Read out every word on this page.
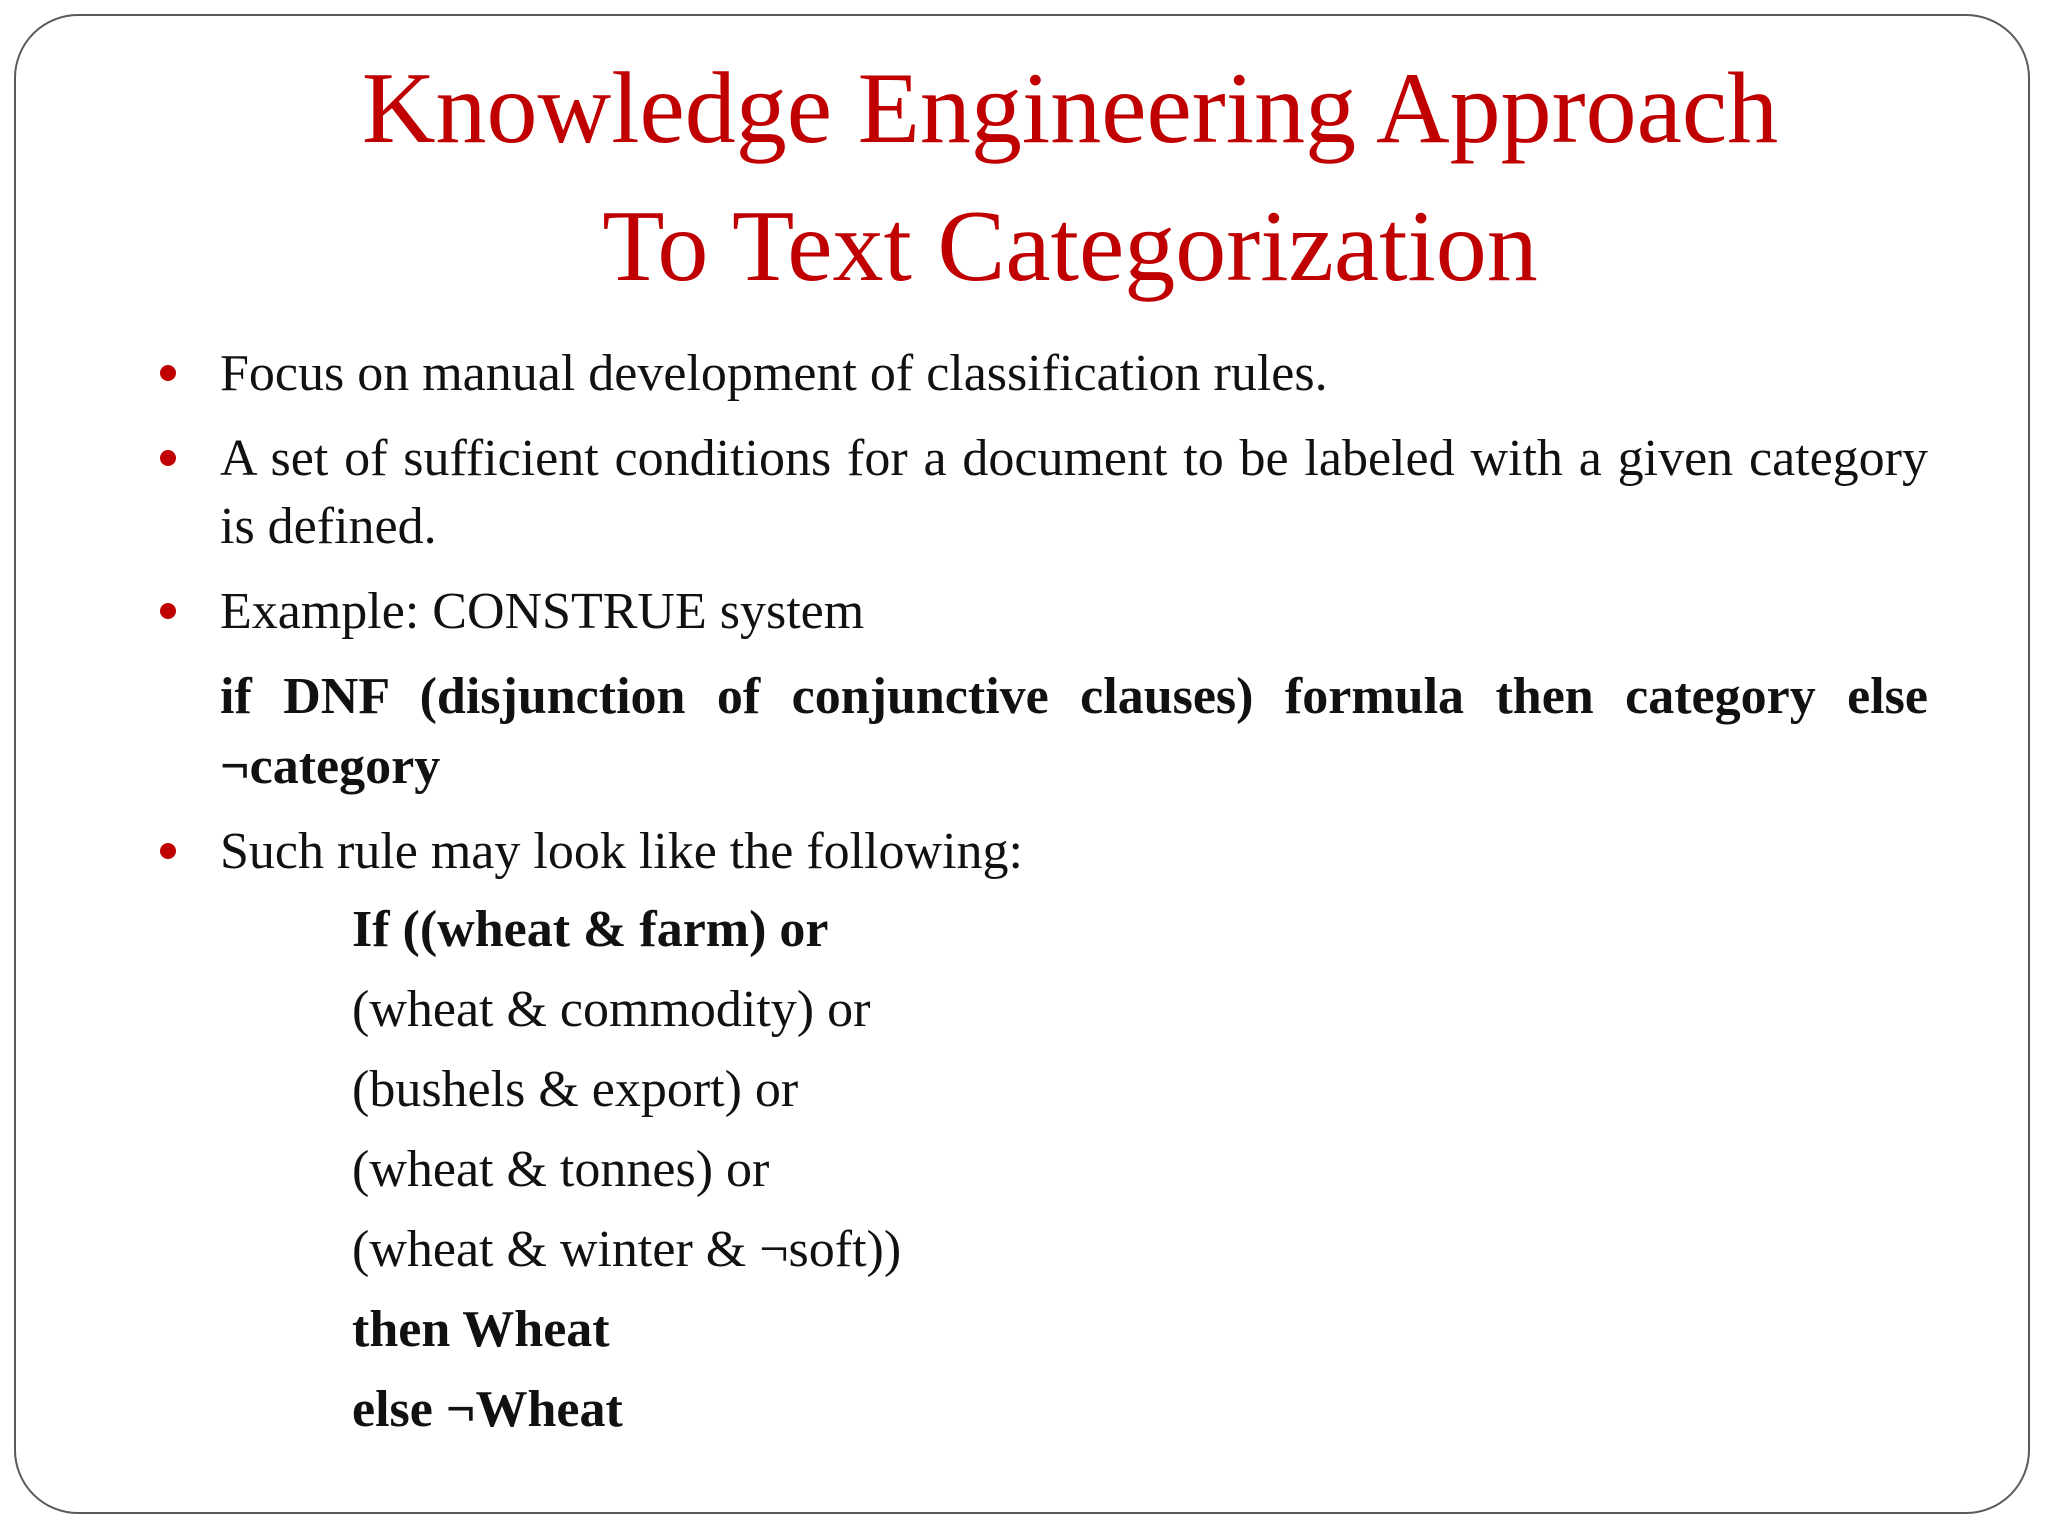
Knowledge Engineering Approach
To Text Categorization
Focus on manual development of classification rules.
A set of sufficient conditions for a document to be labeled with a given category is defined.
Example: CONSTRUE system
if DNF (disjunction of conjunctive clauses) formula then category else ¬category
Such rule may look like the following:
If ((wheat & farm) or
(wheat & commodity) or
(bushels & export) or
(wheat & tonnes) or
(wheat & winter & ¬soft))
then Wheat
else ¬Wheat
